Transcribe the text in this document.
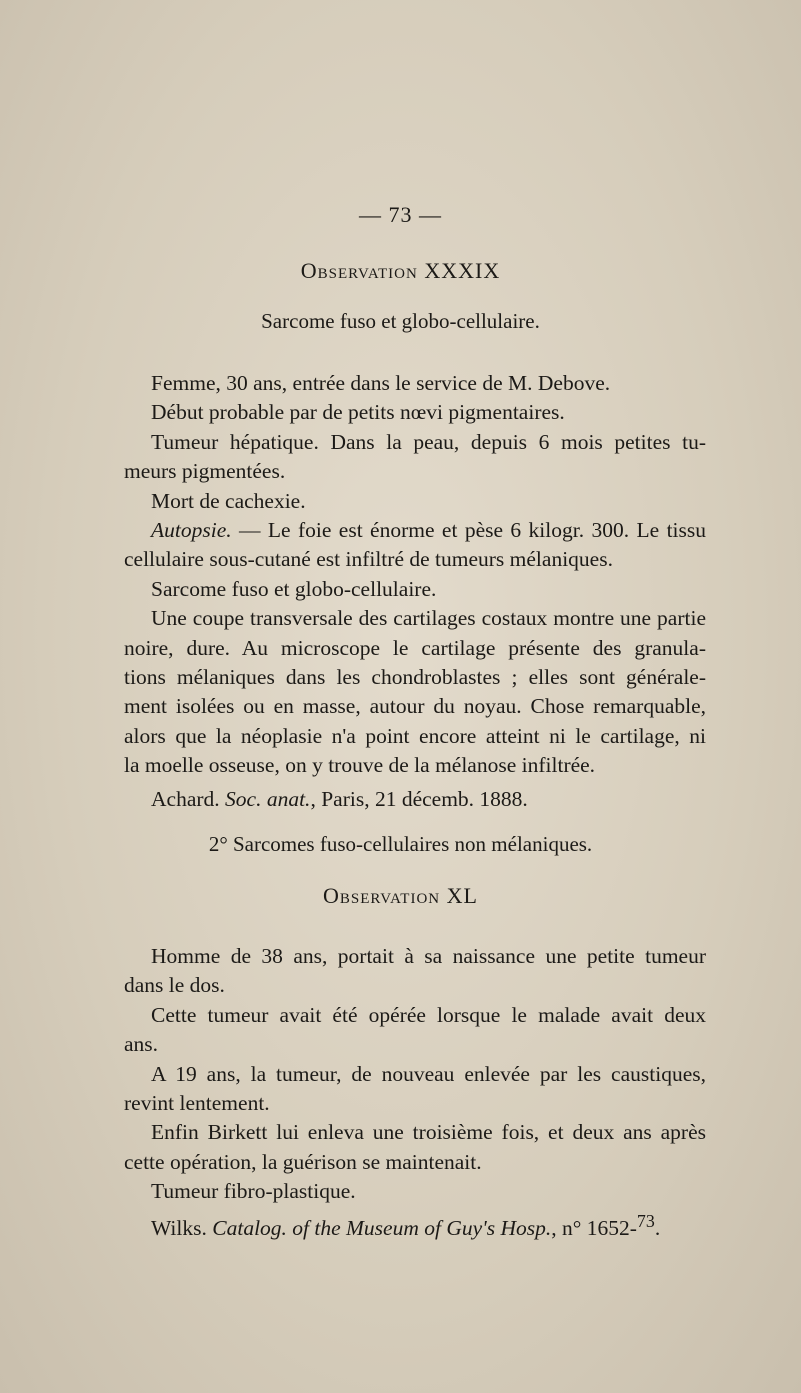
— 73 —
Observation XXXIX
Sarcome fuso et globo-cellulaire.
Femme, 30 ans, entrée dans le service de M. Debove.
Début probable par de petits nœvi pigmentaires.
Tumeur hépatique. Dans la peau, depuis 6 mois petites tu-
meurs pigmentées.
Mort de cachexie.
Autopsie. — Le foie est énorme et pèse 6 kilogr. 300. Le tissu
cellulaire sous-cutané est infiltré de tumeurs mélaniques.
Sarcome fuso et globo-cellulaire.
Une coupe transversale des cartilages costaux montre une partie
noire, dure. Au microscope le cartilage présente des granula-
tions mélaniques dans les chondroblastes ; elles sont générale-
ment isolées ou en masse, autour du noyau. Chose remarquable,
alors que la néoplasie n'a point encore atteint ni le cartilage, ni
la moelle osseuse, on y trouve de la mélanose infiltrée.
Achard. Soc. anat., Paris, 21 décemb. 1888.
2° Sarcomes fuso-cellulaires non mélaniques.
Observation XL
Homme de 38 ans, portait à sa naissance une petite tumeur
dans le dos.
Cette tumeur avait été opérée lorsque le malade avait deux
ans.
A 19 ans, la tumeur, de nouveau enlevée par les caustiques,
revint lentement.
Enfin Birkett lui enleva une troisième fois, et deux ans après
cette opération, la guérison se maintenait.
Tumeur fibro-plastique.
Wilks. Catalog. of the Museum of Guy's Hosp., n° 1652-$^{73}$.
